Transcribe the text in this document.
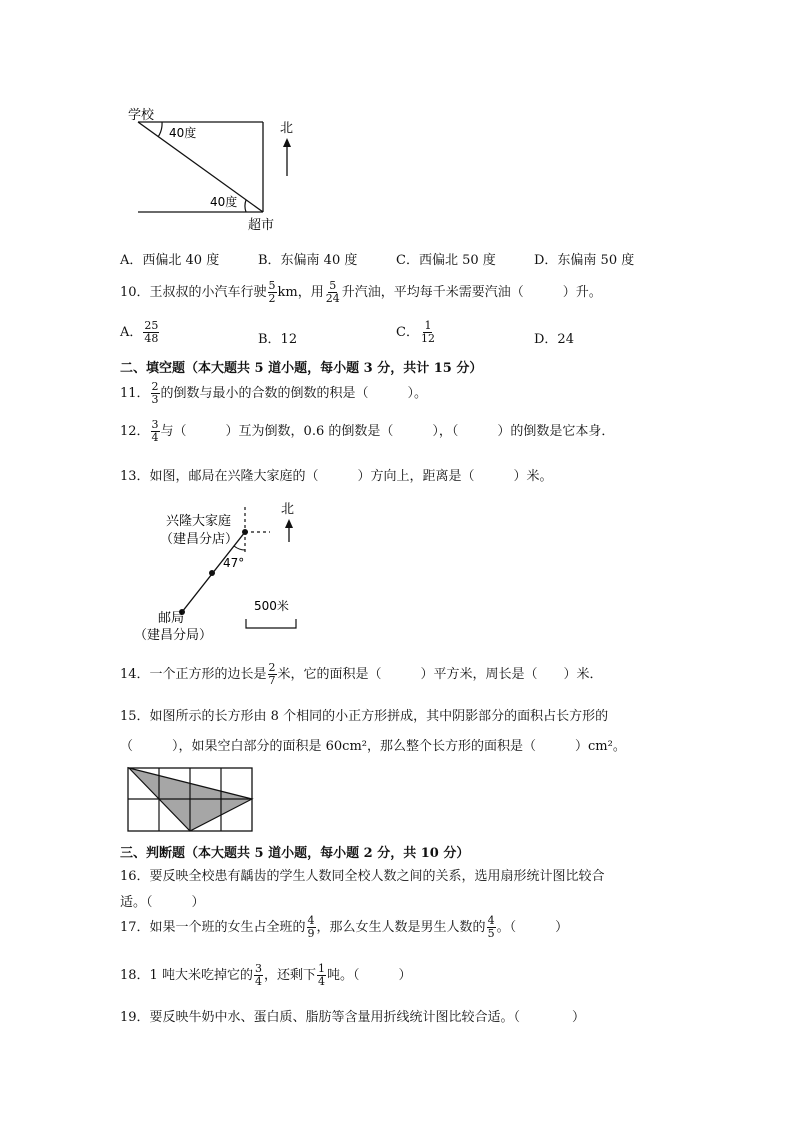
学校
40度
40度
超市
北
A．西偏北 40 度	B．东偏南 40 度	C．西偏北 50 度	D．东偏南 50 度
10．王叔叔的小汽车行驶 $\frac{5}{2}$ km，用 $\frac{5}{24}$ 升汽油，平均每千米需要汽油（　　　）升。
A． $\frac{25}{48}$	B．12	C． $\frac{1}{12}$	D．24
二、填空题（本大题共 5 道小题，每小题 3 分，共计 15 分）
11． $\frac{2}{3}$ 的倒数与最小的合数的倒数的积是（　　　）。
12． $\frac{3}{4}$ 与（　　　）互为倒数，0.6 的倒数是（　　　），（　　　）的倒数是它本身．
13．如图，邮局在兴隆大家庭的（　　　）方向上，距离是（　　　）米。
兴隆大家庭
（建昌分店）
47°
北
500米
邮局
（建昌分局）
14．一个正方形的边长是 $\frac{2}{7}$ 米，它的面积是（　　　）平方米，周长是（　　）米．
15．如图所示的长方形由 8 个相同的小正方形拼成，其中阴影部分的面积占长方形的
（　　　），如果空白部分的面积是 60cm²，那么整个长方形的面积是（　　　）cm²。
三、判断题（本大题共 5 道小题，每小题 2 分，共 10 分）
16．要反映全校患有龋齿的学生人数同全校人数之间的关系，选用扇形统计图比较合
适。（　　　）
17．如果一个班的女生占全班的 $\frac{4}{9}$ ，那么女生人数是男生人数的 $\frac{4}{5}$ 。（　　　）
18．1 吨大米吃掉它的 $\frac{3}{4}$ ，还剩下 $\frac{1}{4}$ 吨。（　　　）
19．要反映牛奶中水、蛋白质、脂肪等含量用折线统计图比较合适。（　　　　）
